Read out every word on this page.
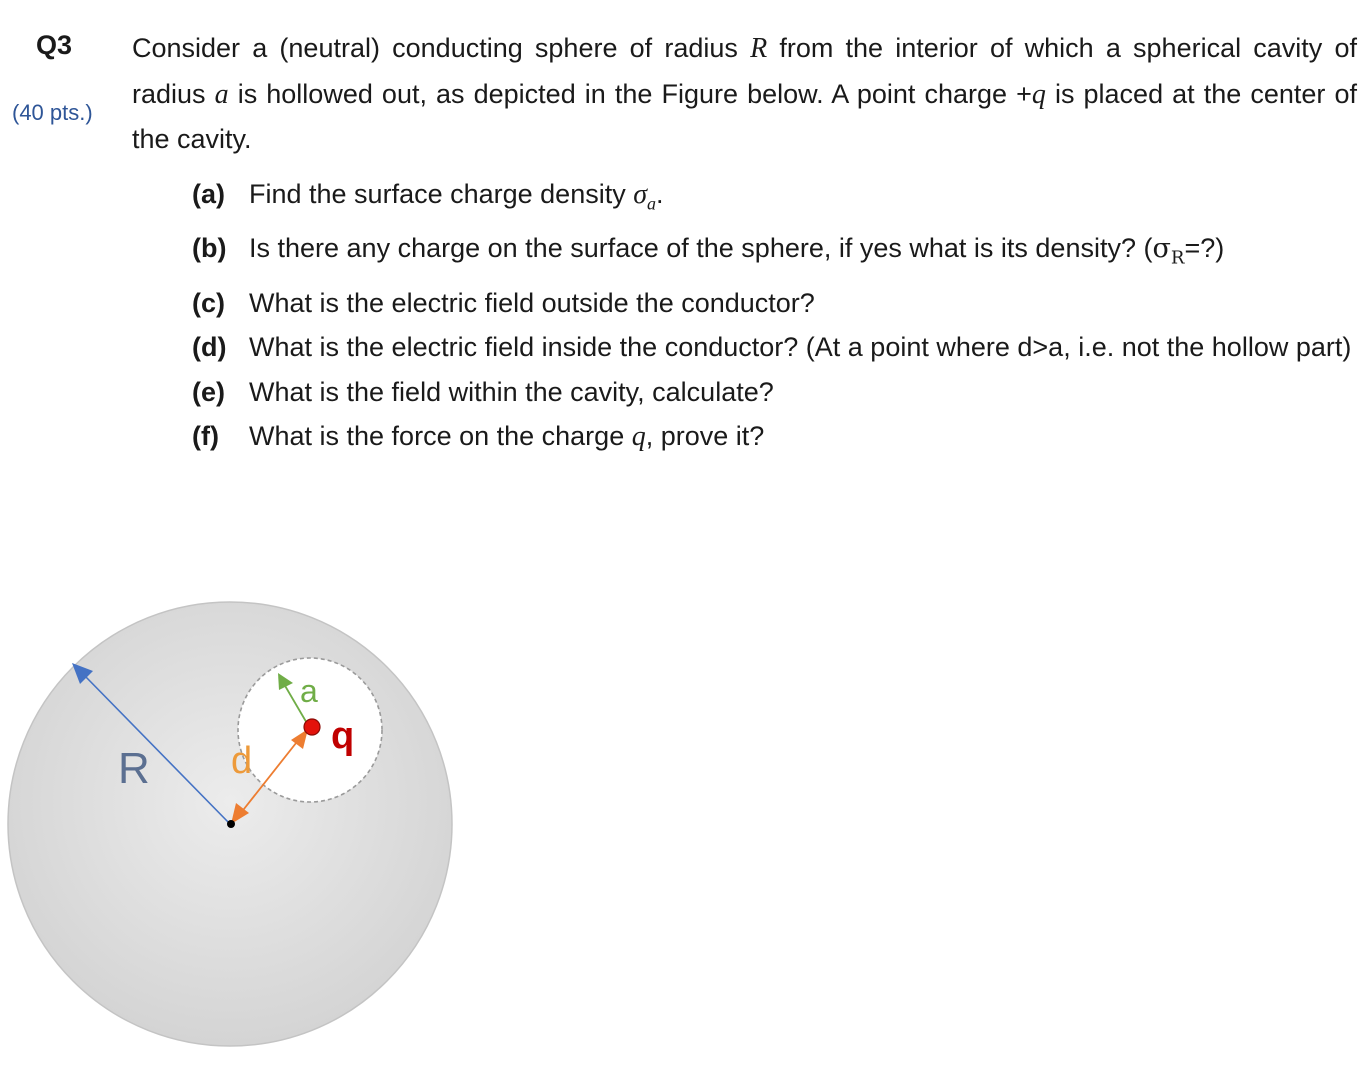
Q3
(40 pts.)

Consider a (neutral) conducting sphere of radius R from the interior of which a spherical cavity of radius a is hollowed out, as depicted in the Figure below. A point charge +q is placed at the center of the cavity.

(a) Find the surface charge density $\sigma_a$.

(b) Is there any charge on the surface of the sphere, if yes what is its density? $(\sigma_R=?)$

(c) What is the electric field outside the conductor?

(d) What is the electric field inside the conductor? (At a point where d>a, i.e. not the hollow part)

(e) What is the field within the cavity, calculate?

(f) What is the force on the charge q, prove it?

R d
a
q
